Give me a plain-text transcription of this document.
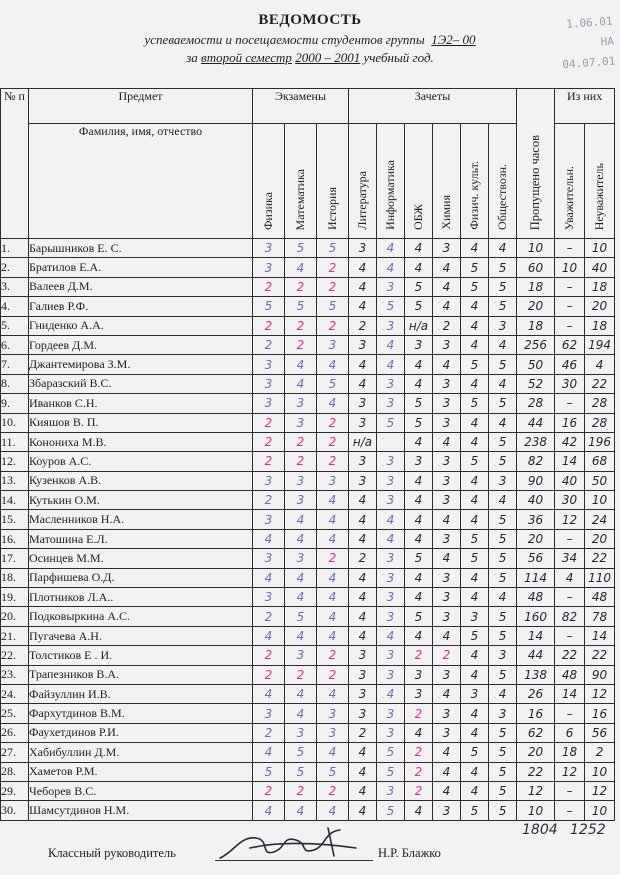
ВЕДОМОСТЬ
успеваемости и посещаемости студентов группы 1Э2– 00
за второй семестр 2000 – 2001 учебный год.
1.06.01
НА 04.07.01
№ п	Предмет	Экзамены			Зачеты						Пропущено часов	Из них	
	Фамилия, имя, отчество	Физика	Математика	История	Литература	Информатика	ОБЖ	Химия	Физич. культ.	Обществозн.		Уважительн.	Неуважитель
1.	Барышников Е. С.	3	5	5	3	4	4	3	4	4	10	–	10
2.	Братилов Е.А.	3	4	2	4	4	4	4	5	5	60	10	40
3.	Валеев Д.М.	2	2	2	4	3	5	4	5	5	18	–	18
4.	Галиев Р.Ф.	5	5	5	4	5	5	4	4	5	20	–	20
5.	Гниденко А.А.	2	2	2	2	3	н/а	2	4	3	18	–	18
6.	Гордеев Д.М.	2	2	3	3	4	3	3	4	4	256	62	194
7.	Джантемирова З.М.	3	4	4	4	4	4	4	5	5	50	46	4
8.	Збаразский В.С.	3	4	5	4	3	4	3	4	4	52	30	22
9.	Иванков С.Н.	3	3	4	3	3	5	3	5	5	28	–	28
10.	Кияшов В. П.	2	3	2	3	5	5	3	4	4	44	16	28
11.	Конониха М.В.	2	2	2	н/а		4	4	4	5	238	42	196
12.	Коуров А.С.	2	2	2	3	3	3	3	5	5	82	14	68
13.	Кузенков А.В.	3	3	3	3	3	4	3	4	3	90	40	50
14.	Кутькин О.М.	2	3	4	4	3	4	3	4	4	40	30	10
15.	Масленников Н.А.	3	4	4	4	4	4	4	4	5	36	12	24
16.	Матошина Е.Л.	4	4	4	4	4	4	3	5	5	20	–	20
17.	Осинцев М.М.	3	3	2	2	3	5	4	5	5	56	34	22
18.	Парфишева О.Д.	4	4	4	4	3	4	3	4	5	114	4	110
19.	Плотников Л.А..	3	4	4	4	3	4	3	4	4	48	–	48
20.	Подковыркина А.С.	2	5	4	4	3	5	3	3	5	160	82	78
21.	Пугачева А.Н.	4	4	4	4	4	4	4	5	5	14	–	14
22.	Толстиков Е . И.	2	3	2	3	3	2	2	4	3	44	22	22
23.	Трапезников В.А.	2	2	2	3	3	3	3	4	5	138	48	90
24.	Файзуллин И.В.	4	4	4	3	4	3	4	3	4	26	14	12
25.	Фархутдинов В.М.	3	4	3	3	3	2	3	4	3	16	–	16
26.	Фаухетдинов Р.И.	2	3	3	2	3	4	3	4	5	62	6	56
27.	Хабибуллин Д.М.	4	5	4	4	5	2	4	5	5	20	18	2
28.	Хаметов Р.М.	5	5	5	4	5	2	4	4	5	22	12	10
29.	Чеборев В.С.	2	2	2	4	3	2	4	4	5	12	–	12
30.	Шамсутдинов Н.М.	4	4	4	4	5	4	3	5	5	10	–	10
Классный руководитель	Н.Р. Блажко
1804 1252
